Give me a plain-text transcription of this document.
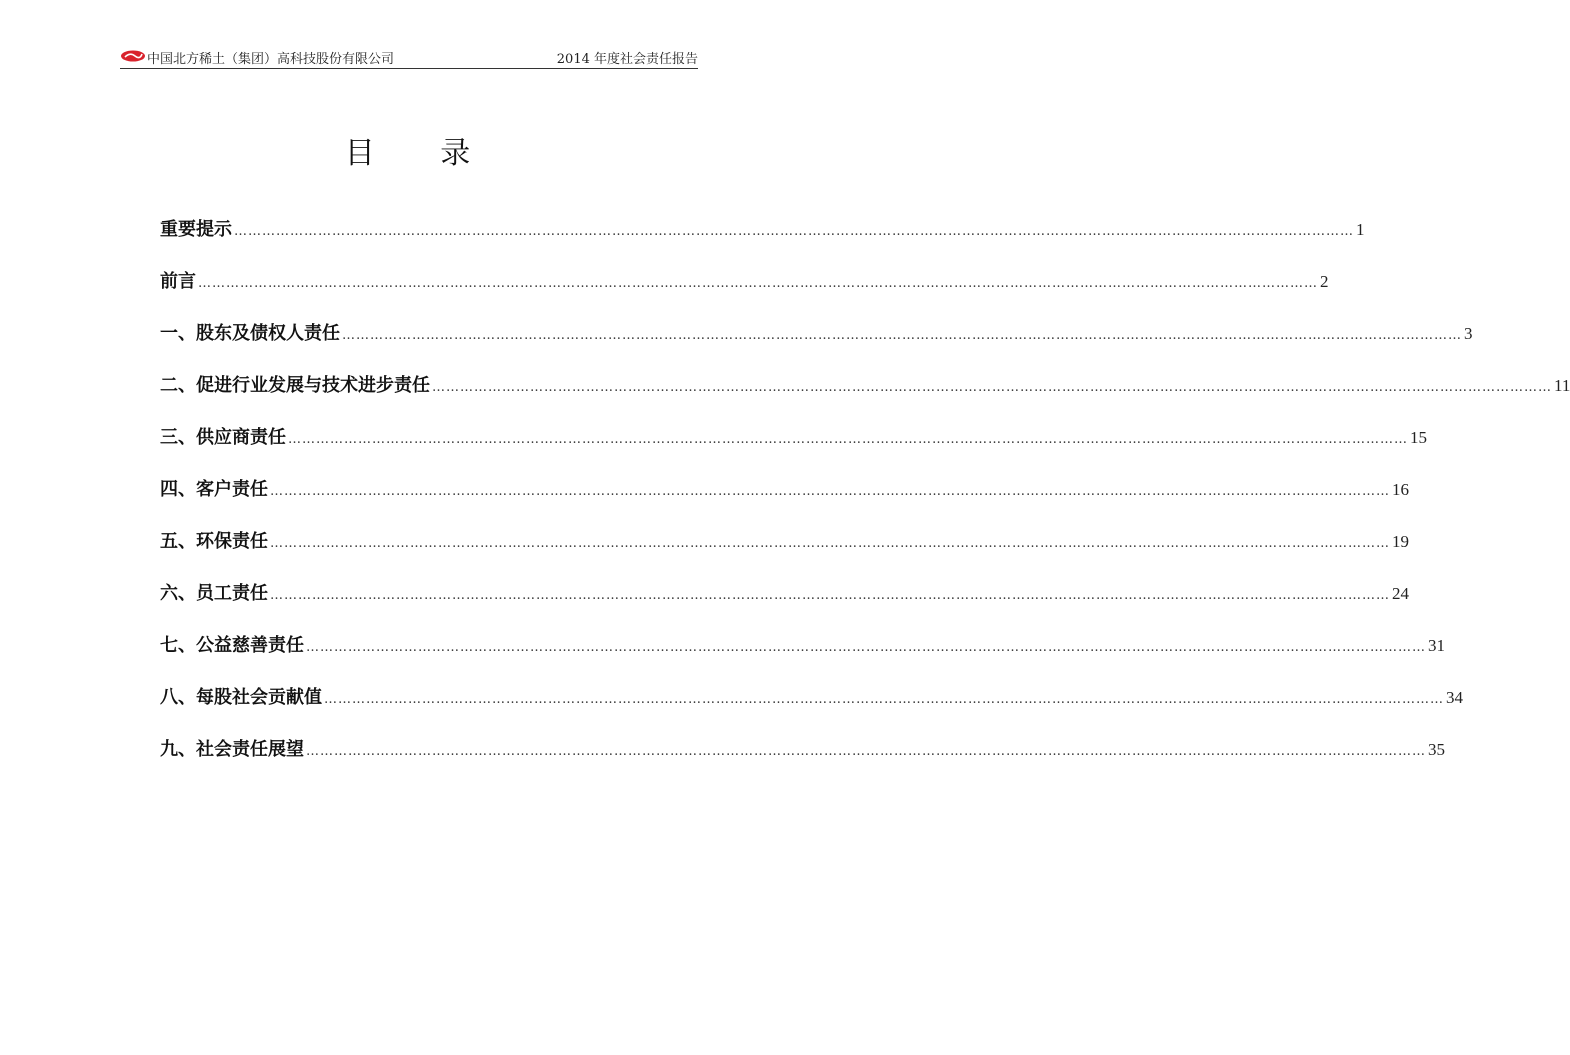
中国北方稀土（集团）高科技股份有限公司	2014 年度社会责任报告
目 录
重要提示 …………………………………………………………………………………………………………………………………………………………………………………………………………………… 1
前言 …………………………………………………………………………………………………………………………………………………………………………………………………………………… 2
一、股东及债权人责任 …………………………………………………………………………………………………………………………………………………………………………………………………………………… 3
二、促进行业发展与技术进步责任 …………………………………………………………………………………………………………………………………………………………………………………………………………………… 11
三、供应商责任 …………………………………………………………………………………………………………………………………………………………………………………………………………………… 15
四、客户责任 …………………………………………………………………………………………………………………………………………………………………………………………………………………… 16
五、环保责任 …………………………………………………………………………………………………………………………………………………………………………………………………………………… 19
六、员工责任 …………………………………………………………………………………………………………………………………………………………………………………………………………………… 24
七、公益慈善责任 …………………………………………………………………………………………………………………………………………………………………………………………………………………… 31
八、每股社会贡献值 …………………………………………………………………………………………………………………………………………………………………………………………………………………… 34
九、社会责任展望 …………………………………………………………………………………………………………………………………………………………………………………………………………………… 35
